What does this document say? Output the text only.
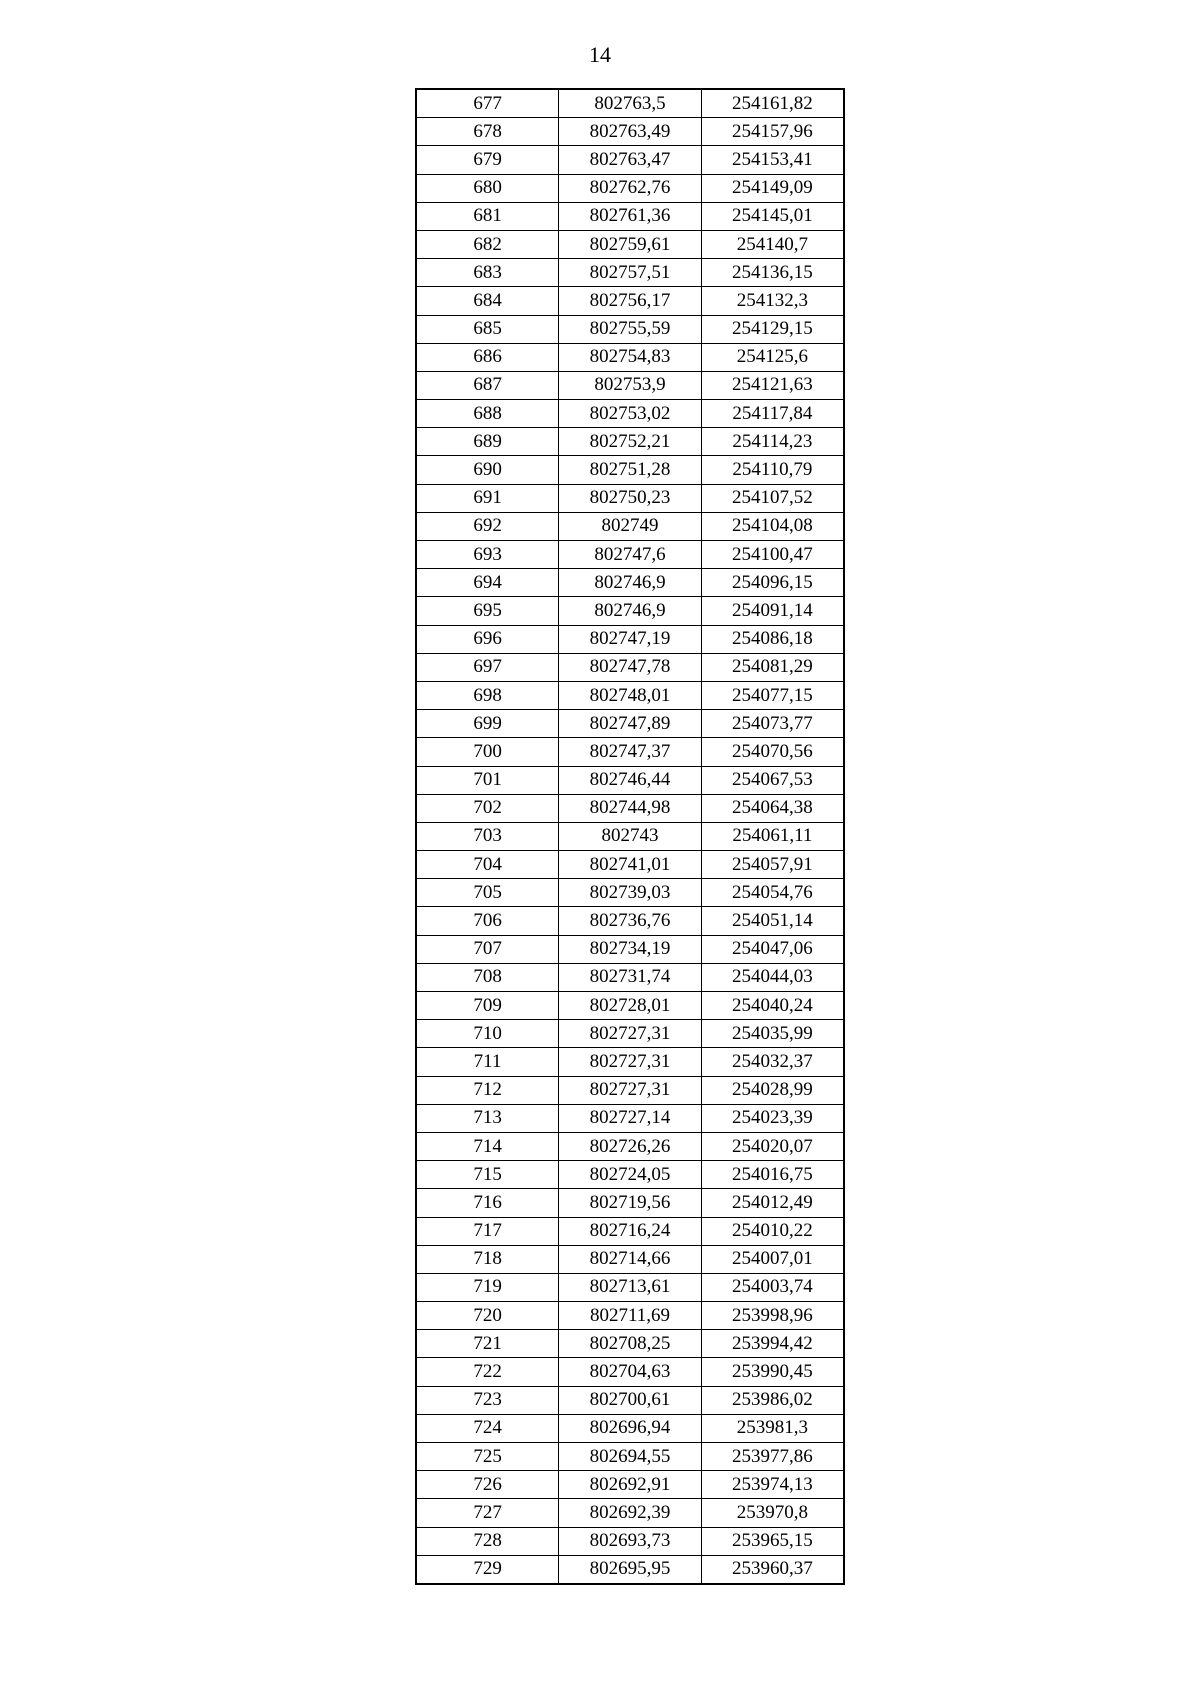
14
677	802763,5	254161,82
678	802763,49	254157,96
679	802763,47	254153,41
680	802762,76	254149,09
681	802761,36	254145,01
682	802759,61	254140,7
683	802757,51	254136,15
684	802756,17	254132,3
685	802755,59	254129,15
686	802754,83	254125,6
687	802753,9	254121,63
688	802753,02	254117,84
689	802752,21	254114,23
690	802751,28	254110,79
691	802750,23	254107,52
692	802749	254104,08
693	802747,6	254100,47
694	802746,9	254096,15
695	802746,9	254091,14
696	802747,19	254086,18
697	802747,78	254081,29
698	802748,01	254077,15
699	802747,89	254073,77
700	802747,37	254070,56
701	802746,44	254067,53
702	802744,98	254064,38
703	802743	254061,11
704	802741,01	254057,91
705	802739,03	254054,76
706	802736,76	254051,14
707	802734,19	254047,06
708	802731,74	254044,03
709	802728,01	254040,24
710	802727,31	254035,99
711	802727,31	254032,37
712	802727,31	254028,99
713	802727,14	254023,39
714	802726,26	254020,07
715	802724,05	254016,75
716	802719,56	254012,49
717	802716,24	254010,22
718	802714,66	254007,01
719	802713,61	254003,74
720	802711,69	253998,96
721	802708,25	253994,42
722	802704,63	253990,45
723	802700,61	253986,02
724	802696,94	253981,3
725	802694,55	253977,86
726	802692,91	253974,13
727	802692,39	253970,8
728	802693,73	253965,15
729	802695,95	253960,37
